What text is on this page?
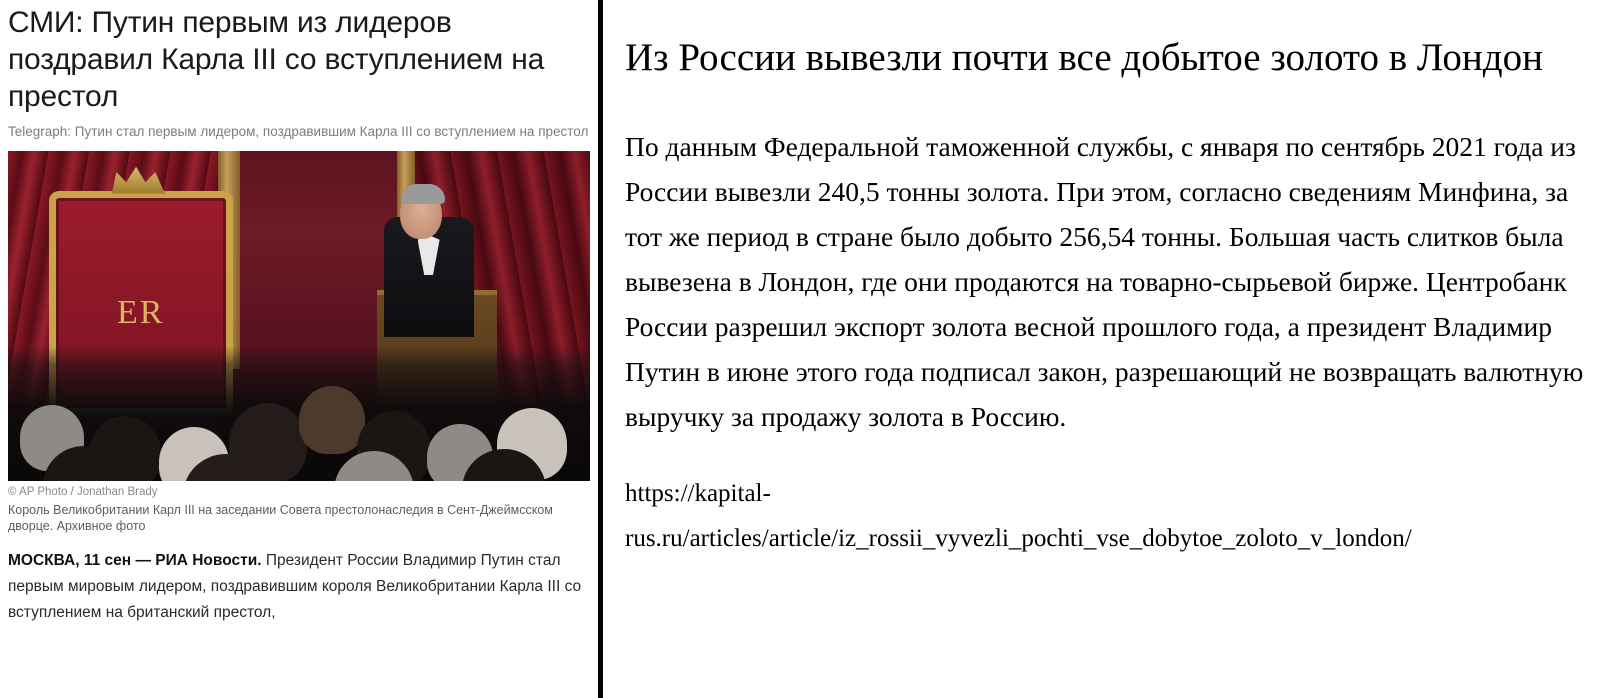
СМИ: Путин первым из лидеров поздравил Карла III со вступлением на престол
Telegraph: Путин стал первым лидером, поздравившим Карла III со вступлением на престол
ER
© AP Photo / Jonathan Brady
Король Великобритании Карл III на заседании Совета престолонаследия в Сент-Джеймсском дворце. Архивное фото

МОСКВА, 11 сен — РИА Новости. Президент России Владимир Путин стал первым мировым лидером, поздравившим короля Великобритании Карла III со вступлением на британский престол,

Из России вывезли почти все добытое золото в Лондон

По данным Федеральной таможенной службы, с января по сентябрь 2021 года из России вывезли 240,5 тонны золота. При этом, согласно сведениям Минфина, за тот же период в стране было добыто 256,54 тонны. Большая часть слитков была вывезена в Лондон, где они продаются на товарно-сырьевой бирже. Центробанк России разрешил экспорт золота весной прошлого года, а президент Владимир Путин в июне этого года подписал закон, разрешающий не возвращать валютную выручку за продажу золота в Россию.

https://kapital-
rus.ru/articles/article/iz_rossii_vyvezli_pochti_vse_dobytoe_zoloto_v_london/
